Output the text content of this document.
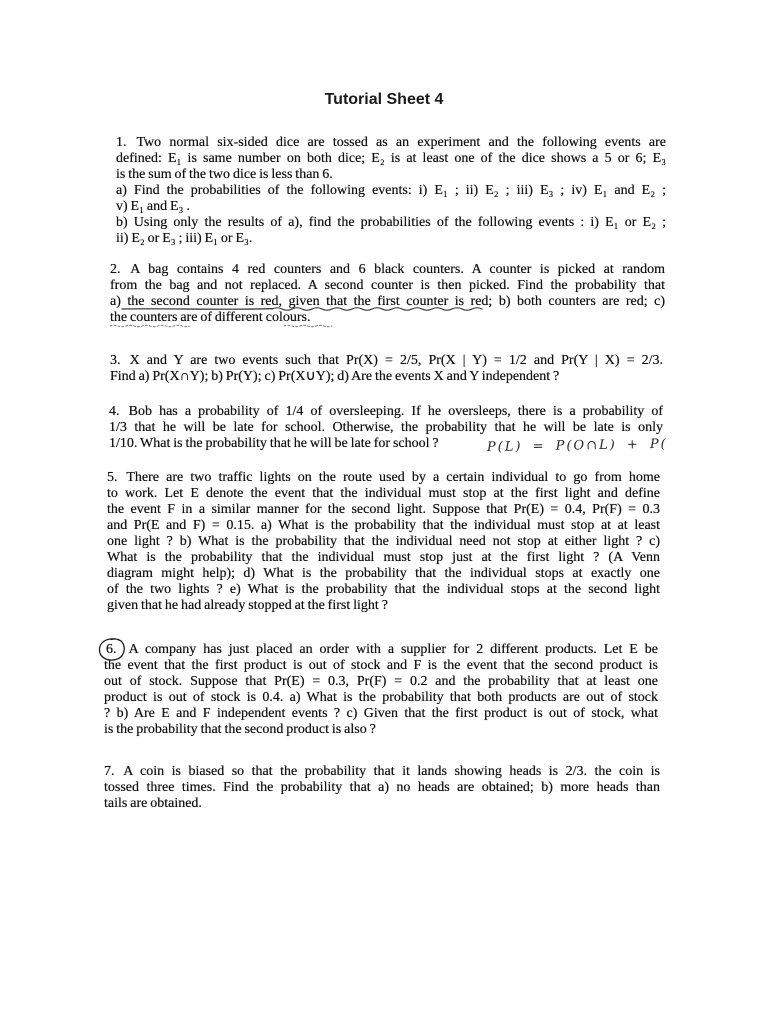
Tutorial Sheet 4
1. Two normal six-sided dice are tossed as an experiment and the following events are
defined: E₁ is same number on both dice; E₂ is at least one of the dice shows a 5 or 6; E₃
is the sum of the two dice is less than 6.
a) Find the probabilities of the following events: i) E₁ ; ii) E₂ ; iii) E₃ ; iv) E₁ and E₂ ;
v) E₁ and E₃ .
b) Using only the results of a), find the probabilities of the following events : i) E₁ or E₂ ;
ii) E₂ or E₃ ; iii) E₁ or E₃.
2. A bag contains 4 red counters and 6 black counters. A counter is picked at random
from the bag and not replaced. A second counter is then picked. Find the probability that
a) the second counter is red, given that the first counter is red; b) both counters are red; c)
the counters are of different colours.
3. X and Y are two events such that Pr(X) = 2/5, Pr(X | Y) = 1/2 and Pr(Y | X) = 2/3.
Find a) Pr(X∩Y); b) Pr(Y); c) Pr(X∪Y); d) Are the events X and Y independent ?
4. Bob has a probability of 1/4 of oversleeping. If he oversleeps, there is a probability of
1/3 that he will be late for school. Otherwise, the probability that he will be late is only
1/10. What is the probability that he will be late for school ?	P(L) = P(O∩L) + P(
5. There are two traffic lights on the route used by a certain individual to go from home
to work. Let E denote the event that the individual must stop at the first light and define
the event F in a similar manner for the second light. Suppose that Pr(E) = 0.4, Pr(F) = 0.3
and Pr(E and F) = 0.15. a) What is the probability that the individual must stop at at least
one light ? b) What is the probability that the individual need not stop at either light ? c)
What is the probability that the individual must stop just at the first light ? (A Venn
diagram might help); d) What is the probability that the individual stops at exactly one
of the two lights ? e) What is the probability that the individual stops at the second light
given that he had already stopped at the first light ?
6. A company has just placed an order with a supplier for 2 different products. Let E be
the event that the first product is out of stock and F is the event that the second product is
out of stock. Suppose that Pr(E) = 0.3, Pr(F) = 0.2 and the probability that at least one
product is out of stock is 0.4. a) What is the probability that both products are out of stock
? b) Are E and F independent events ? c) Given that the first product is out of stock, what
is the probability that the second product is also ?
7. A coin is biased so that the probability that it lands showing heads is 2/3. the coin is
tossed three times. Find the probability that a) no heads are obtained; b) more heads than
tails are obtained.
